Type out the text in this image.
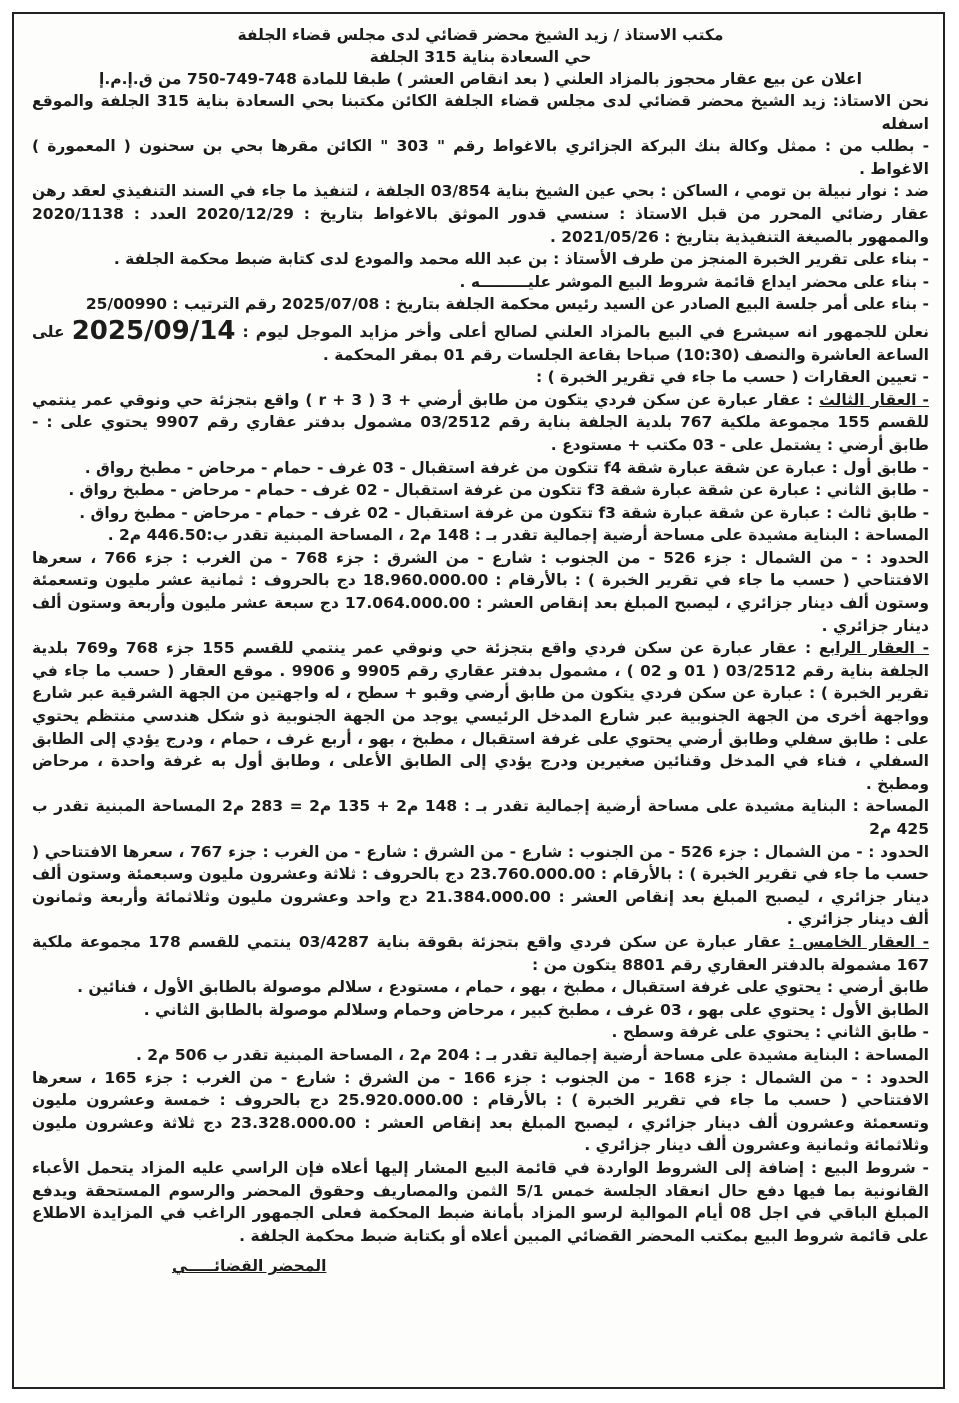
مكتب الاستاذ / زيد الشيخ محضر قضائي لدى مجلس قضاء الجلفة
حي السعادة بناية 315 الجلفة
اعلان عن بيع عقار محجوز بالمزاد العلني ( بعد انقاص العشر ) طبقا للمادة 748-749-750 من ق.إ.م.إ

نحن الاستاذ: زيد الشيخ محضر قضائي لدى مجلس قضاء الجلفة الكائن مكتبنا بحي السعادة بناية 315 الجلفة والموقع اسفله

- بطلب من : ممثل وكالة بنك البركة الجزائري بالاغواط رقم " 303 " الكائن مقرها بحي بن سحنون ( المعمورة ) الاغواط .

ضد : نوار نبيلة بن تومي ، الساكن : بحي عين الشيخ بناية 03/854 الجلفة ، لتنفيذ ما جاء في السند التنفيذي لعقد رهن عقار رضائي المحرر من قبل الاستاذ : سنسي قدور الموثق بالاغواط بتاريخ : 2020/12/29 العدد : 2020/1138 والممهور بالصيغة التنفيذية بتاريخ : 2021/05/26 .

- بناء على تقرير الخبرة المنجز من طرف الأستاذ : بن عبد الله محمد والمودع لدى كتابة ضبط محكمة الجلفة .

- بناء على محضر ايداع قائمة شروط البيع الموشر عليـــــــــه .

- بناء على أمر جلسة البيع الصادر عن السيد رئيس محكمة الجلفة بتاريخ : 2025/07/08 رقم الترتيب : 25/00990

نعلن للجمهور انه سيشرع في البيع بالمزاد العلني لصالح أعلى وأخر مزايد الموجل ليوم : 2025/09/14 على الساعة العاشرة والنصف (10:30) صباحا بقاعة الجلسات رقم 01 بمقر المحكمة .

- تعيين العقارات ( حسب ما جاء في تقرير الخبرة ) :

- العقار الثالث : عقار عبارة عن سكن فردي يتكون من طابق أرضي + 3 ( 3 + r ) واقع بتجزئة حي ونوقي عمر ينتمي للقسم 155 مجموعة ملكية 767 بلدية الجلفة بناية رقم 03/2512 مشمول بدفتر عقاري رقم 9907 يحتوي على : - طابق أرضي : يشتمل على - 03 مكتب + مستودع .

- طابق أول : عبارة عن شقة عبارة شقة f4 تتكون من غرفة استقبال - 03 غرف - حمام - مرحاض - مطبخ رواق .

- طابق الثاني : عبارة عن شقة عبارة شقة f3 تتكون من غرفة استقبال - 02 غرف - حمام - مرحاض - مطبخ رواق .

- طابق ثالث : عبارة عن شقة عبارة شقة f3 تتكون من غرفة استقبال - 02 غرف - حمام - مرحاض - مطبخ رواق .

المساحة : البناية مشيدة على مساحة أرضية إجمالية تقدر بـ : 148 م2 ، المساحة المبنية تقدر ب:446.50 م2 .

الحدود : - من الشمال : جزء 526 - من الجنوب : شارع - من الشرق : جزء 768 - من الغرب : جزء 766 ، سعرها الافتتاحي ( حسب ما جاء في تقرير الخبرة ) : بالأرقام : 18.960.000.00 دج بالحروف : ثمانية عشر مليون وتسعمئة وستون ألف دينار جزائري ، ليصبح المبلغ بعد إنقاص العشر : 17.064.000.00 دج سبعة عشر مليون وأربعة وستون ألف دينار جزائري .

- العقار الرابع : عقار عبارة عن سكن فردي واقع بتجزئة حي ونوقي عمر ينتمي للقسم 155 جزء 768 و769 بلدية الجلفة بناية رقم 03/2512 ( 01 و 02 ) ، مشمول بدفتر عقاري رقم 9905 و 9906 . موقع العقار ( حسب ما جاء في تقرير الخبرة ) : عبارة عن سكن فردي يتكون من طابق أرضي وقبو + سطح ، له واجهتين من الجهة الشرقية عبر شارع وواجهة أخرى من الجهة الجنوبية عبر شارع المدخل الرئيسي يوجد من الجهة الجنوبية ذو شكل هندسي منتظم يحتوي على : طابق سفلي وطابق أرضي يحتوي على غرفة استقبال ، مطبخ ، بهو ، أربع غرف ، حمام ، ودرج يؤدي إلى الطابق السفلي ، فناء في المدخل وقنائين صغيرين ودرج يؤدي إلى الطابق الأعلى ، وطابق أول به غرفة واحدة ، مرحاض ومطبخ .

المساحة : البناية مشيدة على مساحة أرضية إجمالية تقدر بـ : 148 م2 + 135 م2 = 283 م2 المساحة المبنية تقدر ب 425 م2

الحدود : - من الشمال : جزء 526 - من الجنوب : شارع - من الشرق : شارع - من الغرب : جزء 767 ، سعرها الافتتاحي ( حسب ما جاء في تقرير الخبرة ) : بالأرقام : 23.760.000.00 دج بالحروف : ثلاثة وعشرون مليون وسبعمئة وستون ألف دينار جزائري ، ليصبح المبلغ بعد إنقاص العشر : 21.384.000.00 دج واحد وعشرون مليون وثلاثمائة وأربعة وثمانون ألف دينار جزائري .

- العقار الخامس : عقار عبارة عن سكن فردي واقع بتجزئة بقوقة بناية 03/4287 ينتمي للقسم 178 مجموعة ملكية 167 مشمولة بالدفتر العقاري رقم 8801 يتكون من :

طابق أرضي : يحتوي على غرفة استقبال ، مطبخ ، بهو ، حمام ، مستودع ، سلالم موصولة بالطابق الأول ، فنائين .

الطابق الأول : يحتوي على بهو ، 03 غرف ، مطبخ كبير ، مرحاض وحمام وسلالم موصولة بالطابق الثاني .

- طابق الثاني : يحتوي على غرفة وسطح .

المساحة : البناية مشيدة على مساحة أرضية إجمالية تقدر بـ : 204 م2 ، المساحة المبنية تقدر ب 506 م2 .

الحدود : - من الشمال : جزء 168 - من الجنوب : جزء 166 - من الشرق : شارع - من الغرب : جزء 165 ، سعرها الافتتاحي ( حسب ما جاء في تقرير الخبرة ) : بالأرقام : 25.920.000.00 دج بالحروف : خمسة وعشرون مليون وتسعمئة وعشرون ألف دينار جزائري ، ليصبح المبلغ بعد إنقاص العشر : 23.328.000.00 دج ثلاثة وعشرون مليون وثلاثمائة وثمانية وعشرون ألف دينار جزائري .

- شروط البيع : إضافة إلى الشروط الواردة في قائمة البيع المشار إليها أعلاه فإن الراسي عليه المزاد يتحمل الأعباء القانونية بما فيها دفع حال انعقاد الجلسة خمس 5/1 الثمن والمصاريف وحقوق المحضر والرسوم المستحقة ويدفع المبلغ الباقي في اجل 08 أيام الموالية لرسو المزاد بأمانة ضبط المحكمة فعلى الجمهور الراغب في المزايدة الاطلاع على قائمة شروط البيع بمكتب المحضر القضائي المبين أعلاه أو بكتابة ضبط محكمة الجلفة .

المحضر القضائـــــي
